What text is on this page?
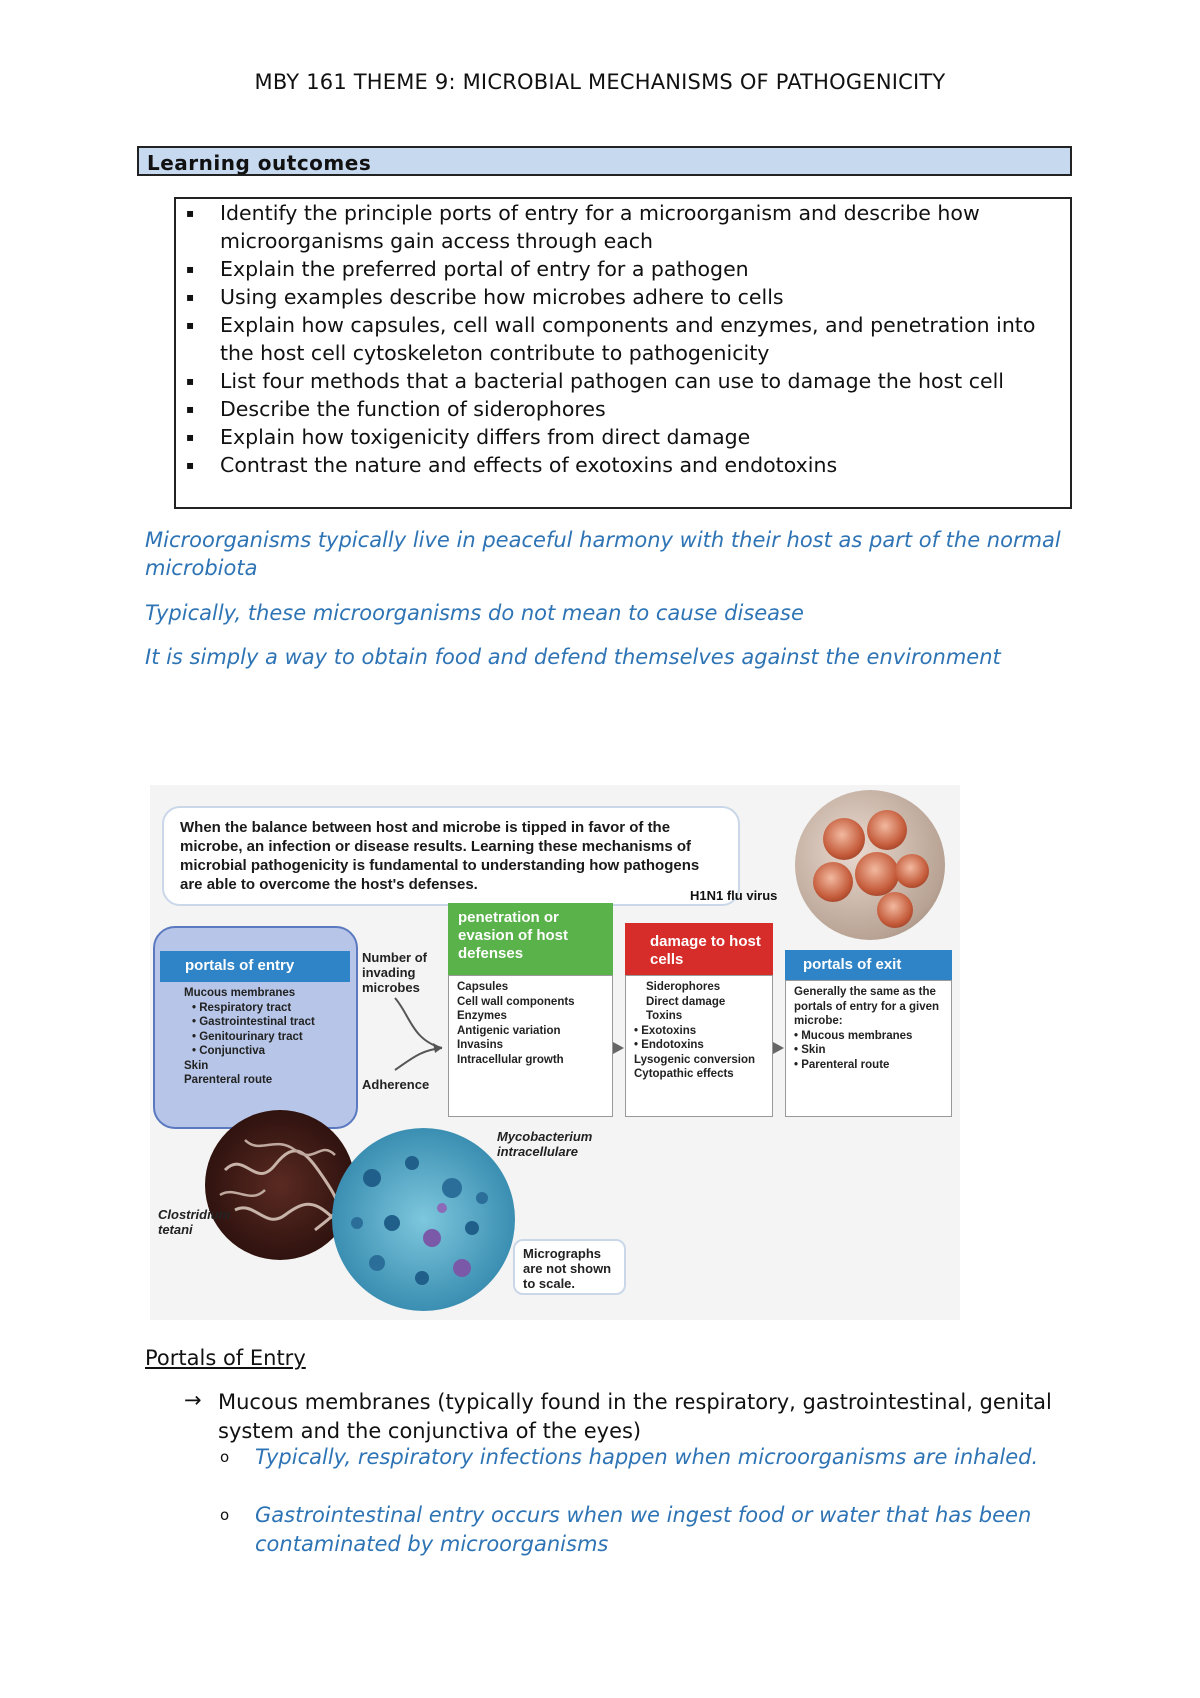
MBY 161 THEME 9: MICROBIAL MECHANISMS OF PATHOGENICITY
Learning outcomes
▪ Identify the principle ports of entry for a microorganism and describe how microorganisms gain access through each
▪ Explain the preferred portal of entry for a pathogen
▪ Using examples describe how microbes adhere to cells
▪ Explain how capsules, cell wall components and enzymes, and penetration into the host cell cytoskeleton contribute to pathogenicity
▪ List four methods that a bacterial pathogen can use to damage the host cell
▪ Describe the function of siderophores
▪ Explain how toxigenicity differs from direct damage
▪ Contrast the nature and effects of exotoxins and endotoxins
Microorganisms typically live in peaceful harmony with their host as part of the normal microbiota
Typically, these microorganisms do not mean to cause disease
It is simply a way to obtain food and defend themselves against the environment
When the balance between host and microbe is tipped in favor of the microbe, an infection or disease results. Learning these mechanisms of microbial pathogenicity is fundamental to understanding how pathogens are able to overcome the host's defenses.
H1N1 flu virus
portals of entry
Mucous membranes
• Respiratory tract
• Gastrointestinal tract
• Genitourinary tract
• Conjunctiva
Skin
Parenteral route
Number of invading microbes
Adherence
penetration or evasion of host defenses
Capsules
Cell wall components
Enzymes
Antigenic variation
Invasins
Intracellular growth
damage to host cells
Siderophores
Direct damage
Toxins
• Exotoxins
• Endotoxins
Lysogenic conversion
Cytopathic effects
portals of exit
Generally the same as the portals of entry for a given microbe:
• Mucous membranes
• Skin
• Parenteral route
Clostridium tetani
Mycobacterium intracellulare
Micrographs are not shown to scale.
Portals of Entry
→ Mucous membranes (typically found in the respiratory, gastrointestinal, genital system and the conjunctiva of the eyes)
o Typically, respiratory infections happen when microorganisms are inhaled.
o Gastrointestinal entry occurs when we ingest food or water that has been contaminated by microorganisms
